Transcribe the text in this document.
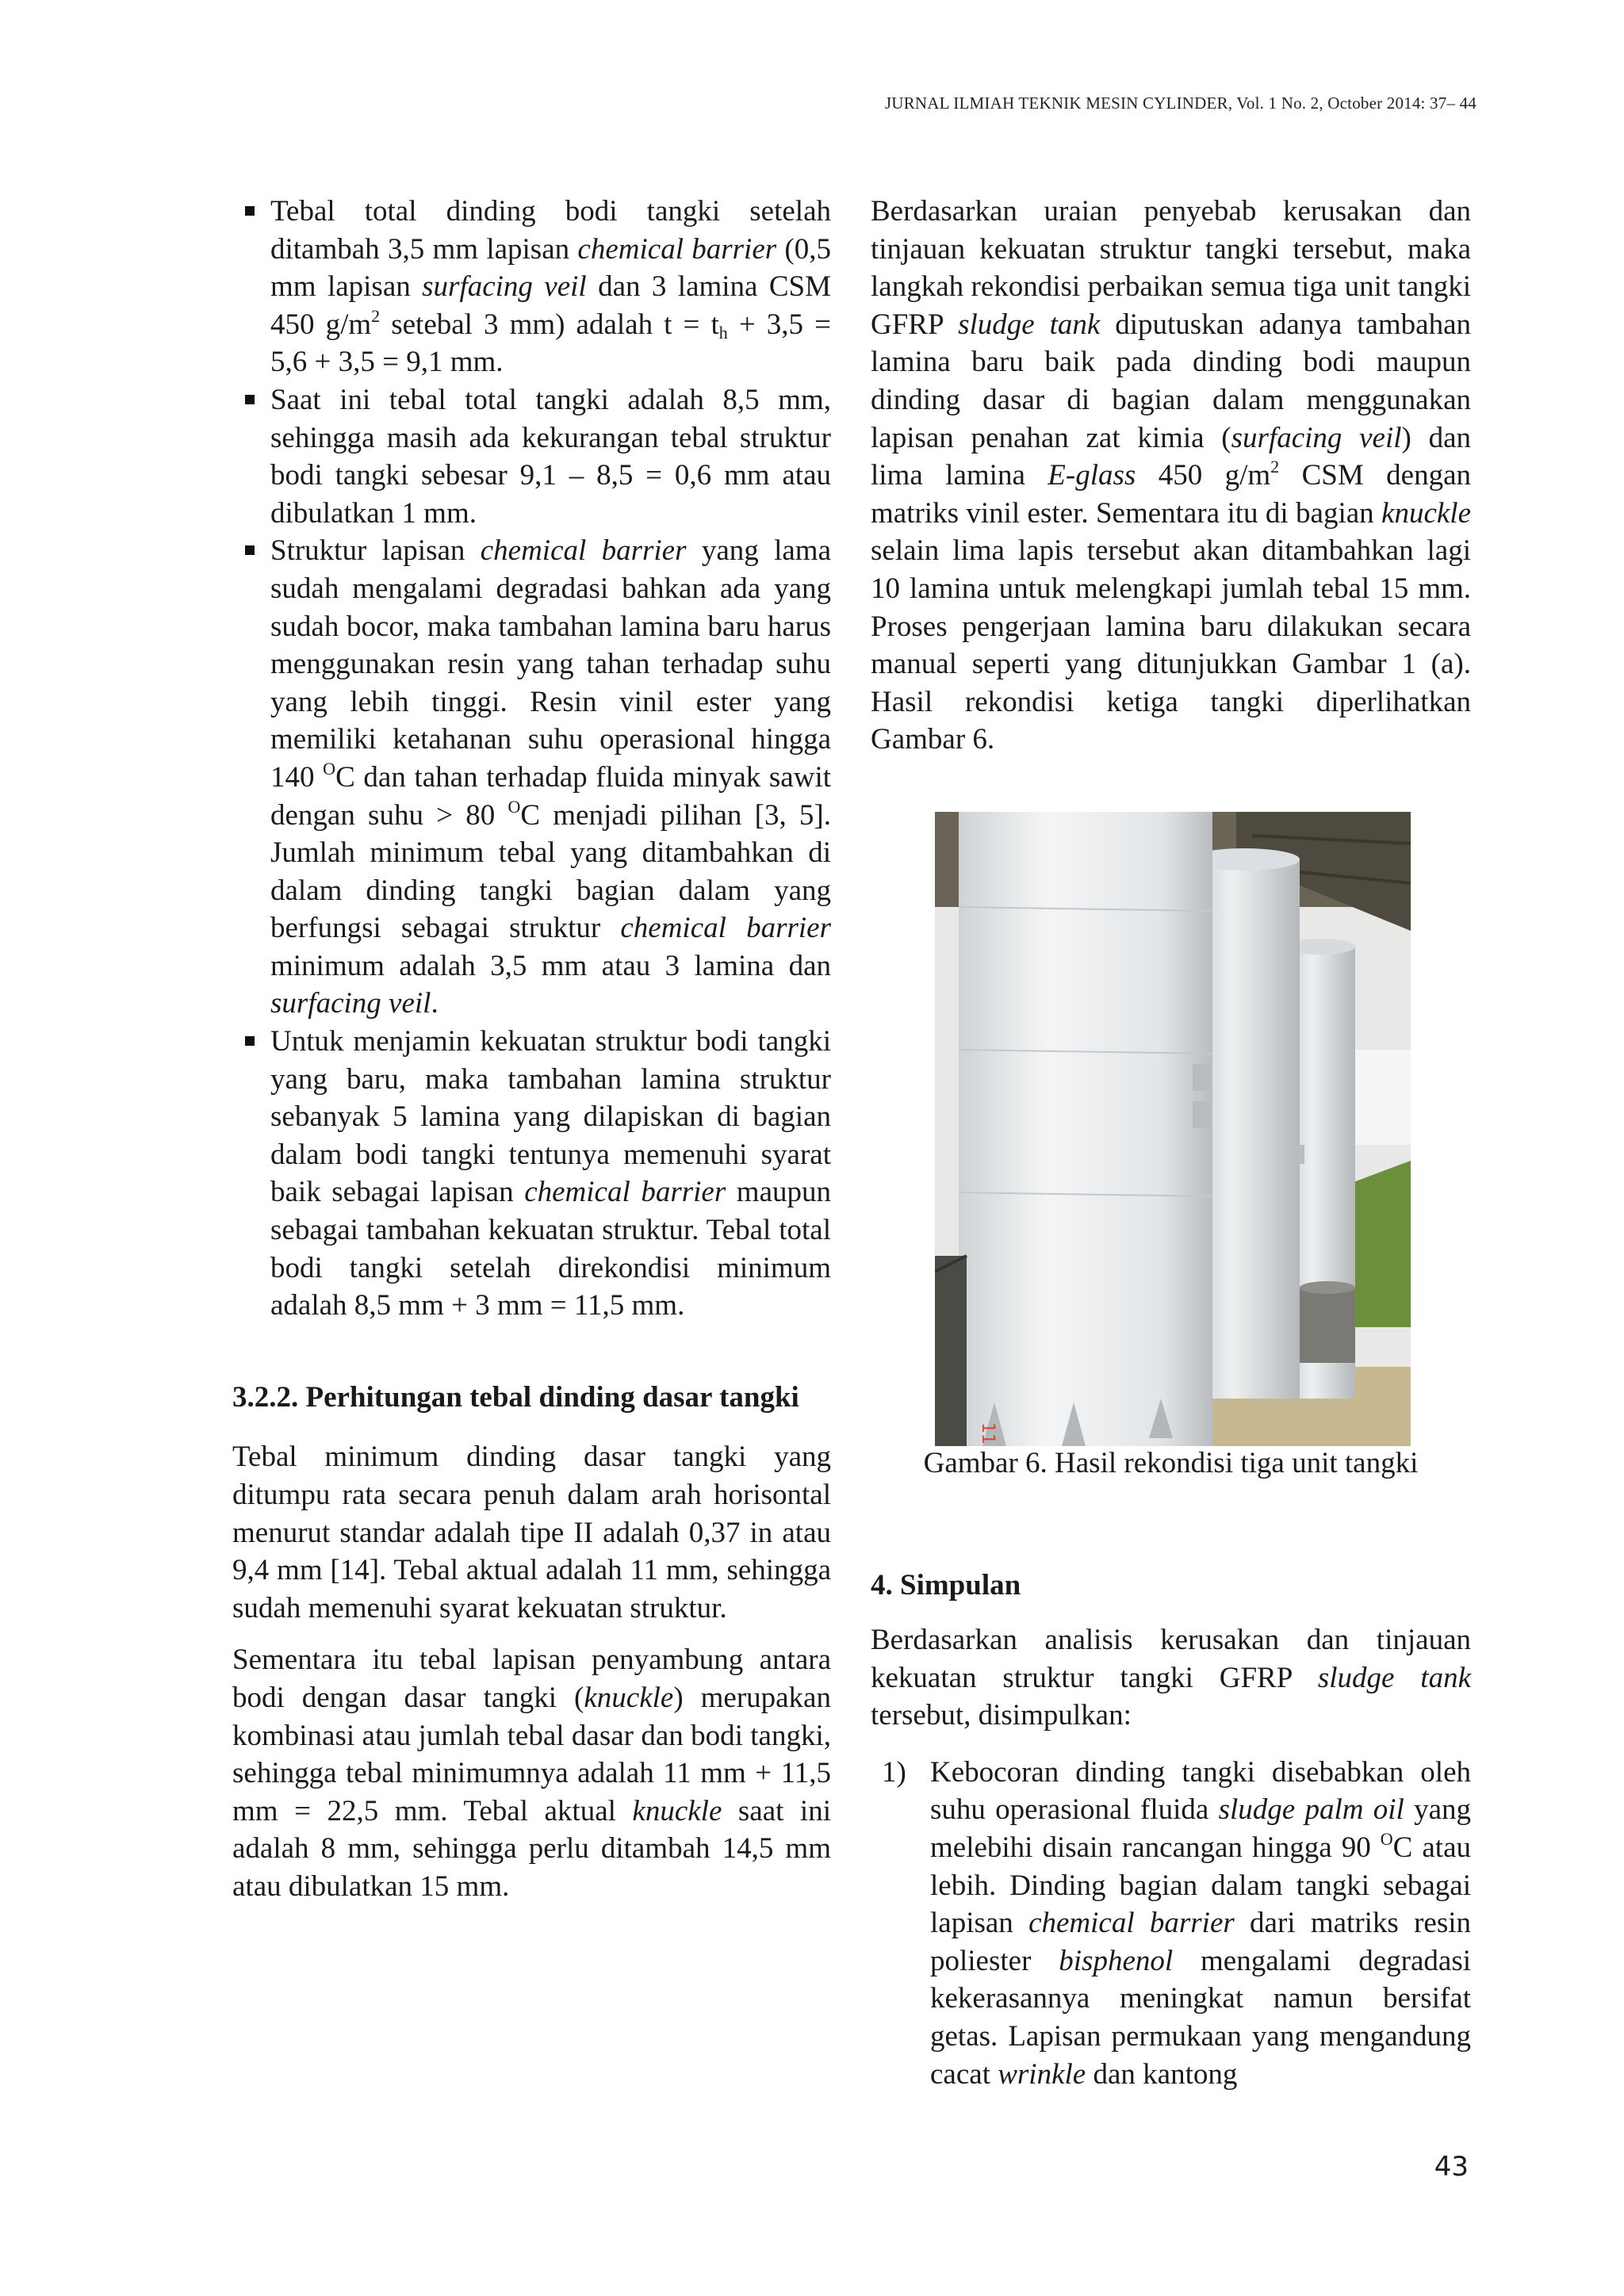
JURNAL ILMIAH TEKNIK MESIN CYLINDER, Vol. 1 No. 2, October 2014: 37– 44
Tebal total dinding bodi tangki setelah ditambah 3,5 mm lapisan chemical barrier (0,5 mm lapisan surfacing veil dan 3 lamina CSM 450 $g/m^2$ setebal 3 mm) adalah $t = t_h + 3,5 = 5,6 + 3,5 = 9,1$ mm.
Saat ini tebal total tangki adalah 8,5 mm, sehingga masih ada kekurangan tebal struktur bodi tangki sebesar 9,1 – 8,5 = 0,6 mm atau dibulatkan 1 mm.
Struktur lapisan chemical barrier yang lama sudah mengalami degradasi bahkan ada yang sudah bocor, maka tambahan lamina baru harus menggunakan resin yang tahan terhadap suhu yang lebih tinggi. Resin vinil ester yang memiliki ketahanan suhu operasional hingga 140 $^O$C dan tahan terhadap fluida minyak sawit dengan suhu > 80 $^O$C menjadi pilihan [3, 5]. Jumlah minimum tebal yang ditambahkan di dalam dinding tangki bagian dalam yang berfungsi sebagai struktur chemical barrier minimum adalah 3,5 mm atau 3 lamina dan surfacing veil.
Untuk menjamin kekuatan struktur bodi tangki yang baru, maka tambahan lamina struktur sebanyak 5 lamina yang dilapiskan di bagian dalam bodi tangki tentunya memenuhi syarat baik sebagai lapisan chemical barrier maupun sebagai tambahan kekuatan struktur. Tebal total bodi tangki setelah direkondisi minimum adalah 8,5 mm + 3 mm = 11,5 mm.

3.2.2. Perhitungan tebal dinding dasar tangki

Tebal minimum dinding dasar tangki yang ditumpu rata secara penuh dalam arah horisontal menurut standar adalah tipe II adalah 0,37 in atau 9,4 mm [14]. Tebal aktual adalah 11 mm, sehingga sudah memenuhi syarat kekuatan struktur.

Sementara itu tebal lapisan penyambung antara bodi dengan dasar tangki (knuckle) merupakan kombinasi atau jumlah tebal dasar dan bodi tangki, sehingga tebal minimumnya adalah 11 mm + 11,5 mm = 22,5 mm. Tebal aktual knuckle saat ini adalah 8 mm, sehingga perlu ditambah 14,5 mm atau dibulatkan 15 mm.

Berdasarkan uraian penyebab kerusakan dan tinjauan kekuatan struktur tangki tersebut, maka langkah rekondisi perbaikan semua tiga unit tangki GFRP sludge tank diputuskan adanya tambahan lamina baru baik pada dinding bodi maupun dinding dasar di bagian dalam menggunakan lapisan penahan zat kimia (surfacing veil) dan lima lamina E-glass 450 $g/m^2$ CSM dengan matriks vinil ester. Sementara itu di bagian knuckle selain lima lapis tersebut akan ditambahkan lagi 10 lamina untuk melengkapi jumlah tebal 15 mm. Proses pengerjaan lamina baru dilakukan secara manual seperti yang ditunjukkan Gambar 1 (a). Hasil rekondisi ketiga tangki diperlihatkan Gambar 6.

Gambar 6. Hasil rekondisi tiga unit tangki
4. Simpulan

Berdasarkan analisis kerusakan dan tinjauan kekuatan struktur tangki GFRP sludge tank tersebut, disimpulkan:

1) Kebocoran dinding tangki disebabkan oleh suhu operasional fluida sludge palm oil yang melebihi disain rancangan hingga 90 $^O$C atau lebih. Dinding bagian dalam tangki sebagai lapisan chemical barrier dari matriks resin poliester bisphenol mengalami degradasi kekerasannya meningkat namun bersifat getas. Lapisan permukaan yang mengandung cacat wrinkle dan kantong
43
